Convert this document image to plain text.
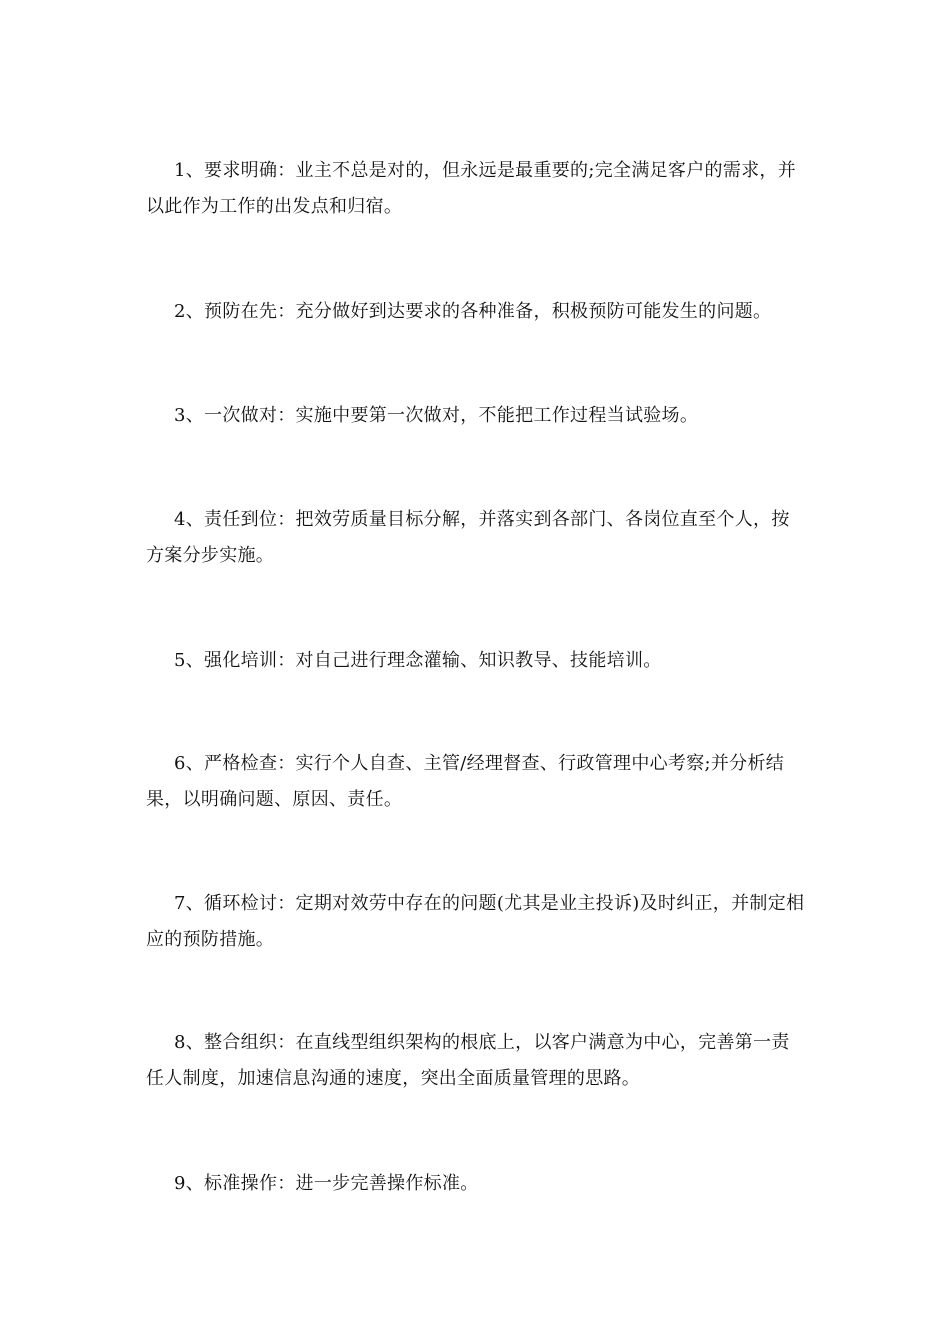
1、要求明确：业主不总是对的，但永远是最重要的;完全满足客户的需求，并以此作为工作的出发点和归宿。

2、预防在先：充分做好到达要求的各种准备，积极预防可能发生的问题。

3、一次做对：实施中要第一次做对，不能把工作过程当试验场。

4、责任到位：把效劳质量目标分解，并落实到各部门、各岗位直至个人，按方案分步实施。

5、强化培训：对自己进行理念灌输、知识教导、技能培训。

6、严格检查：实行个人自查、主管/经理督查、行政管理中心考察;并分析结果，以明确问题、原因、责任。

7、循环检讨：定期对效劳中存在的问题(尤其是业主投诉)及时纠正，并制定相应的预防措施。

8、整合组织：在直线型组织架构的根底上，以客户满意为中心，完善第一责任人制度，加速信息沟通的速度，突出全面质量管理的思路。

9、标准操作：进一步完善操作标准。
